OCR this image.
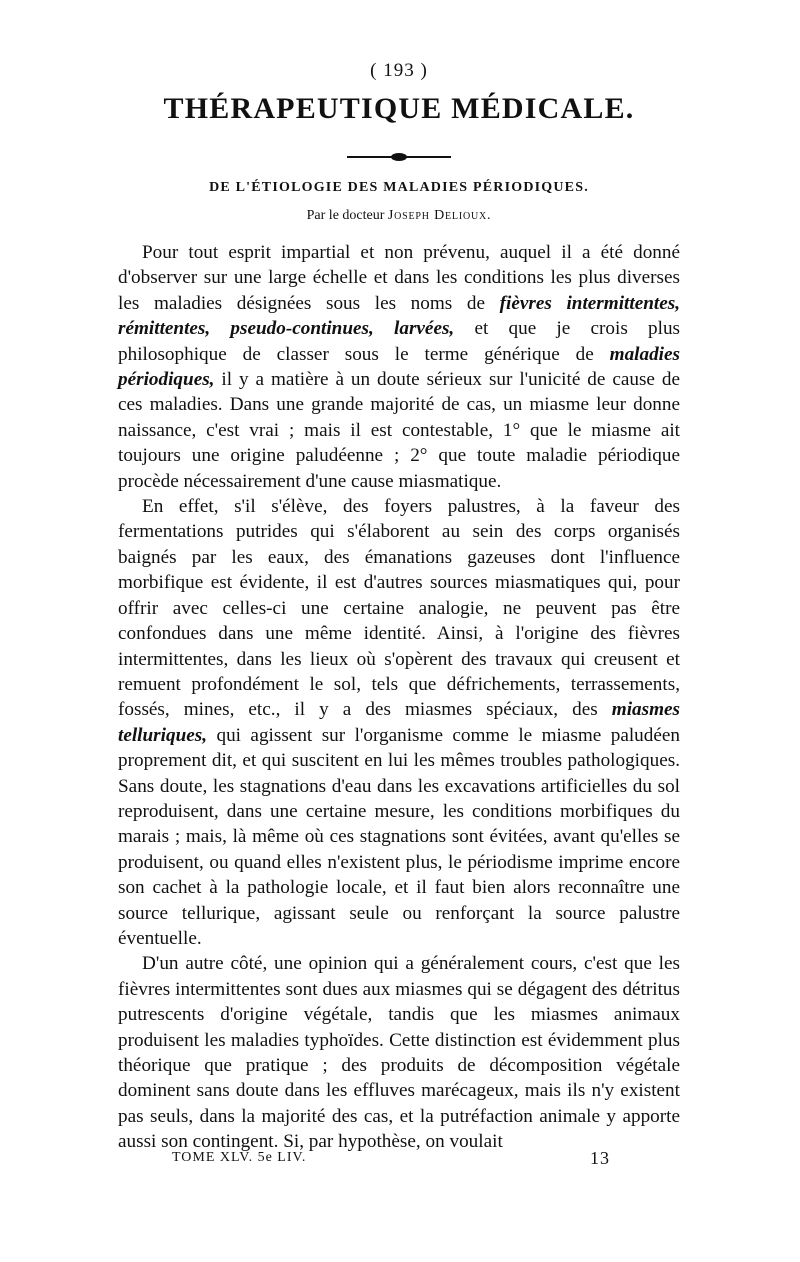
( 193 )
THÉRAPEUTIQUE MÉDICALE.
DE L'ÉTIOLOGIE DES MALADIES PÉRIODIQUES.
Par le docteur Joseph Delioux.

Pour tout esprit impartial et non prévenu, auquel il a été donné d'observer sur une large échelle et dans les conditions les plus diverses les maladies désignées sous les noms de fièvres intermittentes, rémittentes, pseudo-continues, larvées, et que je crois plus philosophique de classer sous le terme générique de maladies périodiques, il y a matière à un doute sérieux sur l'unicité de cause de ces maladies. Dans une grande majorité de cas, un miasme leur donne naissance, c'est vrai ; mais il est contestable, 1° que le miasme ait toujours une origine paludéenne ; 2° que toute maladie périodique procède nécessairement d'une cause miasmatique.

En effet, s'il s'élève, des foyers palustres, à la faveur des fermentations putrides qui s'élaborent au sein des corps organisés baignés par les eaux, des émanations gazeuses dont l'influence morbifique est évidente, il est d'autres sources miasmatiques qui, pour offrir avec celles-ci une certaine analogie, ne peuvent pas être confondues dans une même identité. Ainsi, à l'origine des fièvres intermittentes, dans les lieux où s'opèrent des travaux qui creusent et remuent profondément le sol, tels que défrichements, terrassements, fossés, mines, etc., il y a des miasmes spéciaux, des miasmes telluriques, qui agissent sur l'organisme comme le miasme paludéen proprement dit, et qui suscitent en lui les mêmes troubles pathologiques. Sans doute, les stagnations d'eau dans les excavations artificielles du sol reproduisent, dans une certaine mesure, les conditions morbifiques du marais ; mais, là même où ces stagnations sont évitées, avant qu'elles se produisent, ou quand elles n'existent plus, le périodisme imprime encore son cachet à la pathologie locale, et il faut bien alors reconnaître une source tellurique, agissant seule ou renforçant la source palustre éventuelle.

D'un autre côté, une opinion qui a généralement cours, c'est que les fièvres intermittentes sont dues aux miasmes qui se dégagent des détritus putrescents d'origine végétale, tandis que les miasmes animaux produisent les maladies typhoïdes. Cette distinction est évidemment plus théorique que pratique ; des produits de décomposition végétale dominent sans doute dans les effluves marécageux, mais ils n'y existent pas seuls, dans la majorité des cas, et la putréfaction animale y apporte aussi son contingent. Si, par hypothèse, on voulait

TOME XLV. 5e LIV.	13
